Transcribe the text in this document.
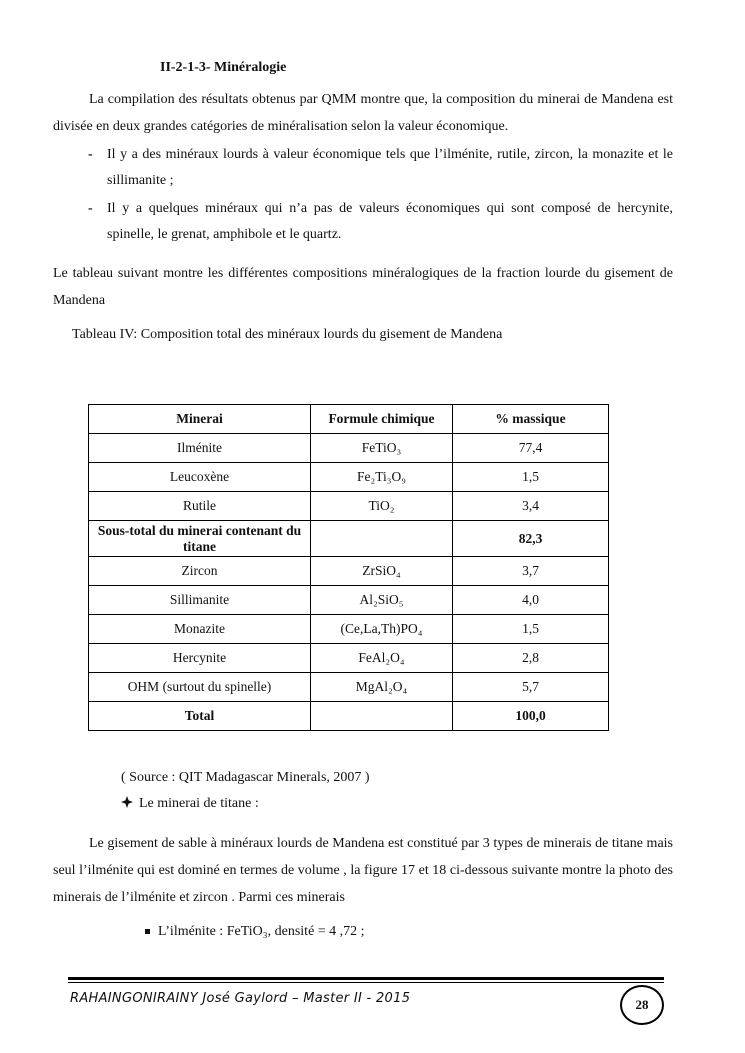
II-2-1-3- Minéralogie
La compilation des résultats obtenus par QMM montre que, la composition du minerai de Mandena est divisée en deux grandes catégories de minéralisation selon la valeur économique.
- Il y a des minéraux lourds à valeur économique tels que l’ilménite, rutile, zircon, la monazite et le sillimanite ;
- Il y a quelques minéraux qui n’a pas de valeurs économiques qui sont composé de hercynite, spinelle, le grenat, amphibole et le quartz.
Le tableau suivant montre les différentes compositions minéralogiques de la fraction lourde du gisement de Mandena
Tableau IV: Composition total des minéraux lourds du gisement de Mandena
Minerai	Formule chimique	% massique
Ilménite	FeTiO₃	77,4
Leucoxène	Fe₂Ti₃O₉	1,5
Rutile	TiO₂	3,4
Sous-total du minerai contenant du titane		82,3
Zircon	ZrSiO₄	3,7
Sillimanite	Al₂SiO₅	4,0
Monazite	(Ce,La,Th)PO₄	1,5
Hercynite	FeAl₂O₄	2,8
OHM (surtout du spinelle)	MgAl₂O₄	5,7
Total		100,0
( Source : QIT Madagascar Minerals, 2007 )
Le minerai de titane :
Le gisement de sable à minéraux lourds de Mandena est constitué par 3 types de minerais de titane mais seul l’ilménite qui est dominé en termes de volume , la figure 17 et 18 ci-dessous suivante montre la photo des minerais de l’ilménite et zircon . Parmi ces minerais
L’ilménite : FeTiO₃, densité = 4 ,72 ;
RAHAINGONIRAINY José Gaylord – Master II - 2015	28
